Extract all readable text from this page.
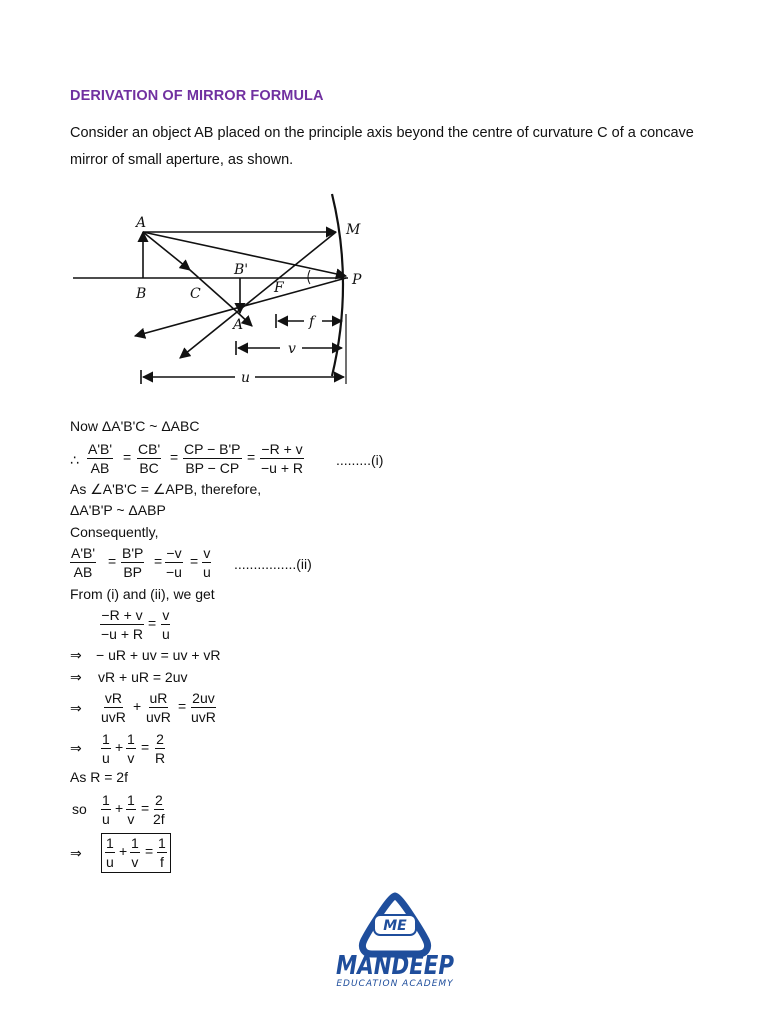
DERIVATION OF MIRROR FORMULA
Consider an object AB placed on the principle axis beyond the centre of curvature C of a concave mirror of small aperture, as shown.
A	M
B'
P
B	C	F
A'	f
v
u
Now ΔA'B'C ~ ΔABC
∴ $\frac{A'B'}{AB} = \frac{CB'}{BC} = \frac{CP - B'P}{BP - CP} = \frac{-R + v}{-u + R} .........(i)$
As ∠A'B'C = ∠APB, therefore,
ΔA'B'P ~ ΔABP
Consequently,
$\frac{A'B'}{AB} = \frac{B'P}{BP} = \frac{-v}{-u} = \frac{v}{u} ................(ii)$
From (i) and (ii), we get
$\frac{-R + v}{-u + R} = \frac{v}{u}$
⇒ − uR + uv = uv + vR
⇒ vR + uR = 2uv
⇒
vR
uvR
+ uR
uvR
= 2uv
uvR
⇒ $\frac{1}{u} + \frac{1}{v} = \frac{2}{R}$
As R = 2f
so $\frac{1}{u} + \frac{1}{v} = \frac{2}{2f}$
⇒ $\frac{1}{u} + \frac{1}{v} = \frac{1}{f}$
ME
MANDEEP
EDUCATION ACADEMY
